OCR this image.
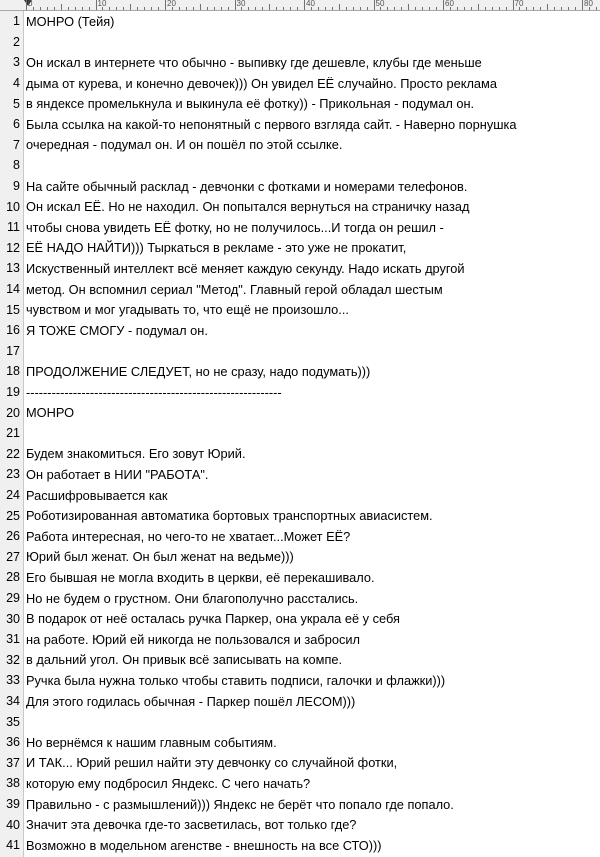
0	10	20	30	40	50	60	70	80
1 МОНРО (Тейя)
2
3 Он искал в интернете что обычно - выпивку где дешевле, клубы где меньше
4 дыма от курева, и конечно девочек))) Он увидел ЕЁ случайно. Просто реклама
5 в яндексе промелькнула и выкинула её фотку)) - Прикольная - подумал он.
6 Была ссылка на какой-то непонятный с первого взгляда сайт. - Наверно порнушка
7 очередная - подумал он. И он пошёл по этой ссылке.
8
9 На сайте обычный расклад - девчонки с фотками и номерами телефонов.
10 Он искал ЕЁ. Но не находил. Он попытался вернуться на страничку назад
11 чтобы снова увидеть ЕЁ фотку, но не получилось...И тогда он решил -
12 ЕЁ НАДО НАЙТИ))) Тыркаться в рекламе - это уже не прокатит,
13 Искуственный интеллект всё меняет каждую секунду. Надо искать другой
14 метод. Он вспомнил сериал "Метод". Главный герой обладал шестым
15 чувством и мог угадывать то, что ещё не произошло...
16 Я ТОЖЕ СМОГУ - подумал он.
17
18 ПРОДОЛЖЕНИЕ СЛЕДУЕТ, но не сразу, надо подумать)))
19 ------------------------------------------------------------
20 МОНРО
21
22 Будем знакомиться. Его зовут Юрий.
23 Он работает в НИИ "РАБОТА".
24 Расшифровывается как
25 Роботизированная автоматика бортовых транспортных авиасистем.
26 Работа интересная, но чего-то не хватает...Может ЕЁ?
27 Юрий был женат. Он был женат на ведьме)))
28 Его бывшая не могла входить в церкви, её перекашивало.
29 Но не будем о грустном. Они благополучно расстались.
30 В подарок от неё осталась ручка Паркер, она украла её у себя
31 на работе. Юрий ей никогда не пользовался и забросил
32 в дальний угол. Он привык всё записывать на компе.
33 Ручка была нужна только чтобы ставить подписи, галочки и флажки)))
34 Для этого годилась обычная - Паркер пошёл ЛЕСОМ)))
35
36 Но вернёмся к нашим главным событиям.
37 И ТАК... Юрий решил найти эту девчонку со случайной фотки,
38 которую ему подбросил Яндекс. С чего начать?
39 Правильно - с размышлений))) Яндекс не берёт что попало где попало.
40 Значит эта девочка где-то засветилась, вот только где?
41 Возможно в модельном агенстве - внешность на все СТО)))
